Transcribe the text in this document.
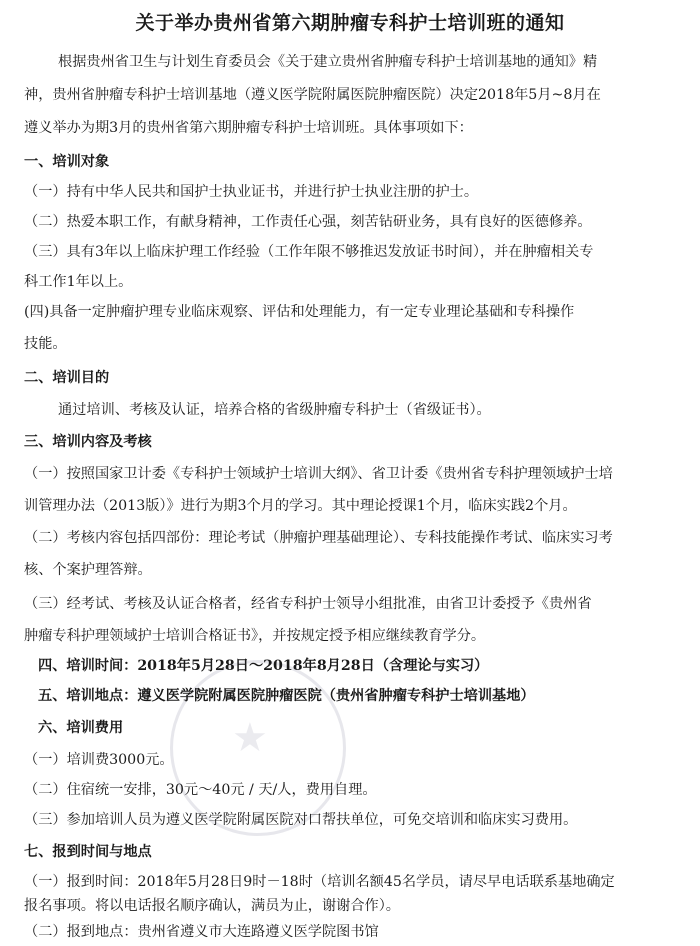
★
关于举办贵州省第六期肿瘤专科护士培训班的通知
根据贵州省卫生与计划生育委员会《关于建立贵州省肿瘤专科护士培训基地的通知》精
神，贵州省肿瘤专科护士培训基地（遵义医学院附属医院肿瘤医院）决定2018年5月~8月在
遵义举办为期3月的贵州省第六期肿瘤专科护士培训班。具体事项如下：
一、培训对象
（一）持有中华人民共和国护士执业证书，并进行护士执业注册的护士。
（二）热爱本职工作，有献身精神，工作责任心强，刻苦钻研业务，具有良好的医德修养。
（三）具有3年以上临床护理工作经验（工作年限不够推迟发放证书时间），并在肿瘤相关专
科工作1年以上。
(四)具备一定肿瘤护理专业临床观察、评估和处理能力，有一定专业理论基础和专科操作
技能。
二、培训目的
通过培训、考核及认证，培养合格的省级肿瘤专科护士（省级证书）。
三、培训内容及考核
（一）按照国家卫计委《专科护士领域护士培训大纲》、省卫计委《贵州省专科护理领域护士培
训管理办法（2013版）》进行为期3个月的学习。其中理论授课1个月，临床实践2个月。
（二）考核内容包括四部份：理论考试（肿瘤护理基础理论）、专科技能操作考试、临床实习考
核、个案护理答辩。
（三）经考试、考核及认证合格者，经省专科护士领导小组批准，由省卫计委授予《贵州省
肿瘤专科护理领域护士培训合格证书》，并按规定授予相应继续教育学分。
四、培训时间：2018年5月28日～2018年8月28日（含理论与实习）
五、培训地点：遵义医学院附属医院肿瘤医院（贵州省肿瘤专科护士培训基地）
六、培训费用
（一）培训费3000元。
（二）住宿统一安排，30元～40元 / 天/人，费用自理。
（三）参加培训人员为遵义医学院附属医院对口帮扶单位，可免交培训和临床实习费用。
七、报到时间与地点
（一）报到时间：2018年5月28日9时－18时（培训名额45名学员，请尽早电话联系基地确定
报名事项。将以电话报名顺序确认，满员为止，谢谢合作）。
（二）报到地点：贵州省遵义市大连路遵义医学院图书馆
